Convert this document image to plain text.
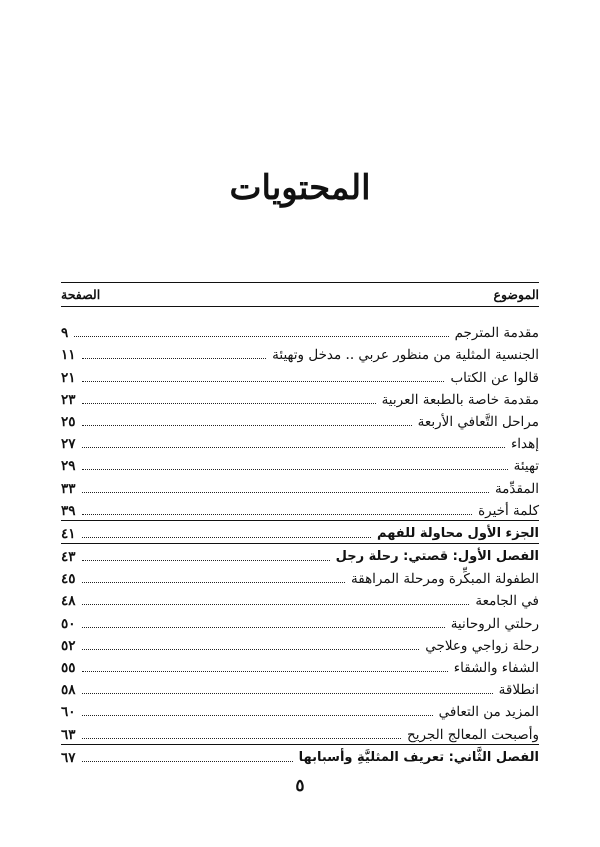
المحتويات
الموضوع
الصفحة
مقدمة المترجم
٩
الجنسية المثلية من منظور عربي .. مدخل وتهيئة
١١
قالوا عن الكتاب
٢١
مقدمة خاصة بالطبعة العربية
٢٣
مراحل التَّعافي الأربعة
٢٥
إهداء
٢٧
تهيئة
٢٩
المقدِّمة
٣٣
كلمة أخيرة
٣٩
الجزء الأول محاولة للفهم
٤١
الفصل الأول: قصتي: رحلة رجل
٤٣
الطفولة المبكِّرة ومرحلة المراهقة
٤٥
في الجامعة
٤٨
رحلتي الروحانية
٥٠
رحلة زواجي وعلاجي
٥٢
الشفاء والشقاء
٥٥
انطلاقة
٥٨
المزيد من التعافي
٦٠
وأصبحت المعالج الجريح
٦٣
الفصل الثَّاني: تعريف المثليَّةِ وأسبابها
٦٧
٥
